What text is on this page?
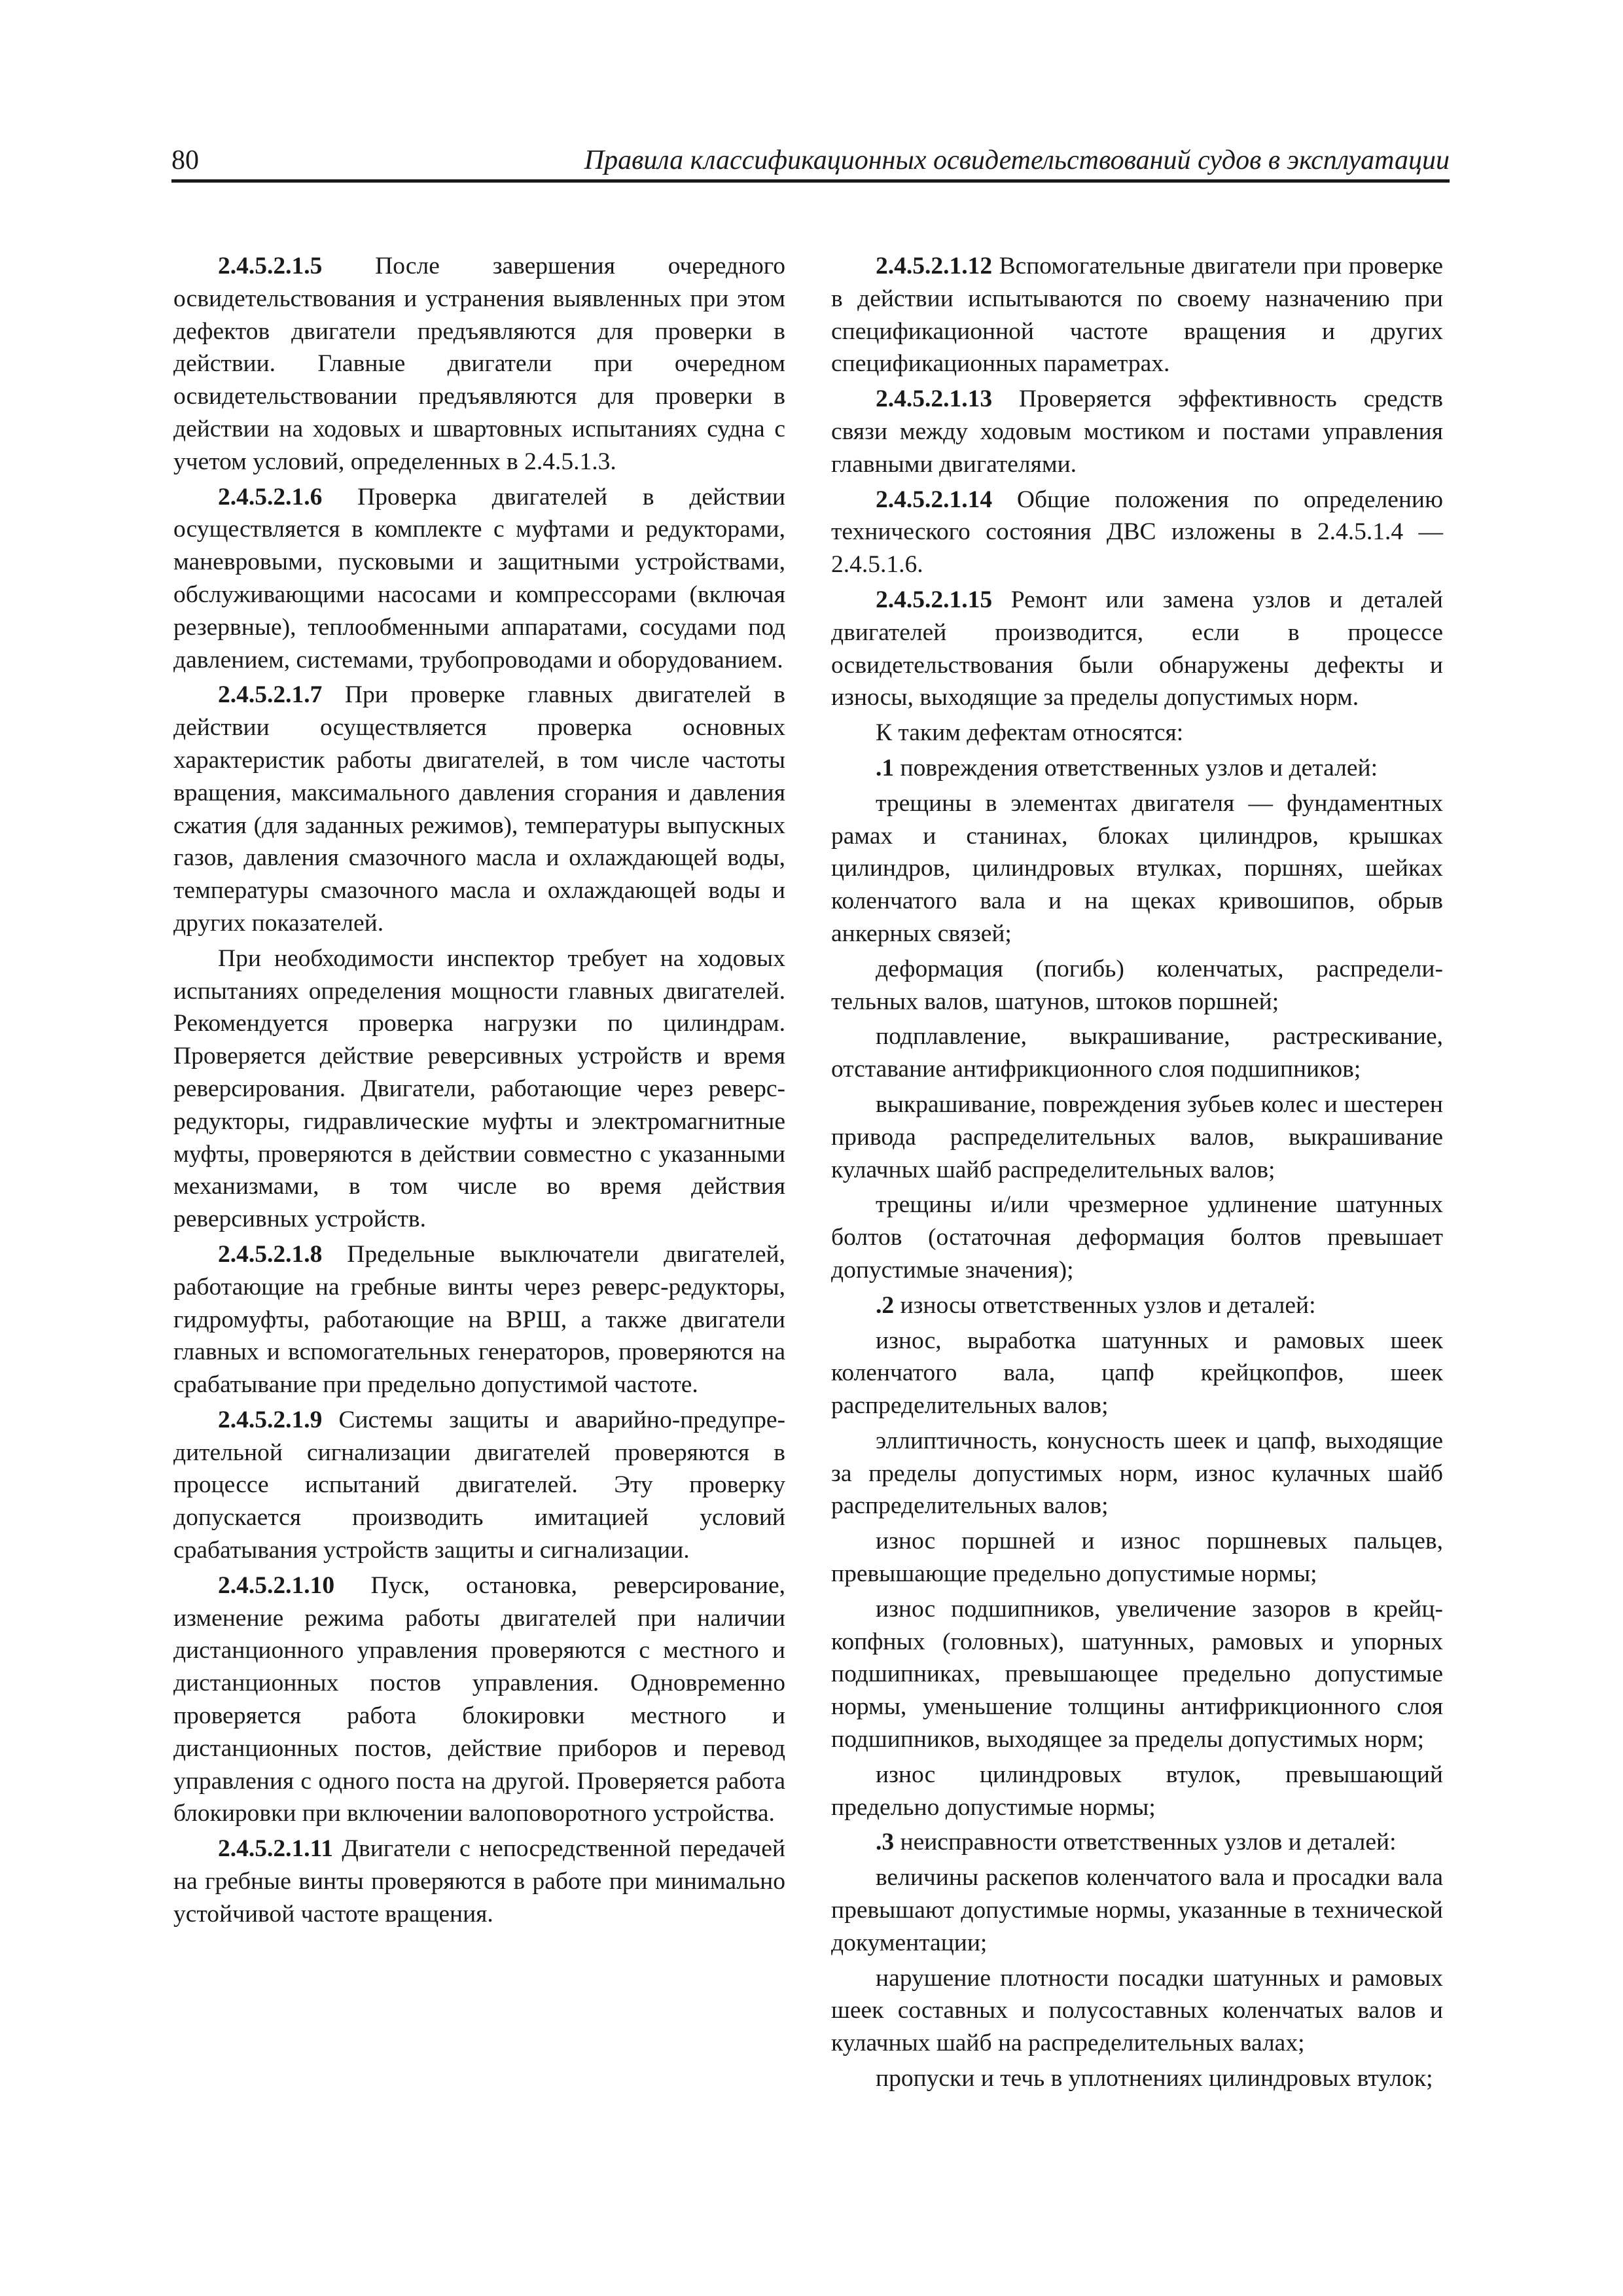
80	Правила классификационных освидетельствований судов в эксплуатации

2.4.5.2.1.5 После завершения очередного освидетельствования и устранения выявленных при этом дефектов двигатели предъявляются для проверки в действии. Главные двигатели при очередном освидетельствовании предъявляются для проверки в действии на ходовых и швартовных испытаниях судна с учетом условий, определенных в 2.4.5.1.3.

2.4.5.2.1.6 Проверка двигателей в действии осуществляется в комплекте с муфтами и редукторами, маневровыми, пусковыми и защитными устройствами, обслуживающими насосами и компрессорами (включая резервные), теплообменными аппаратами, сосудами под давлением, системами, трубопроводами и оборудованием.

2.4.5.2.1.7 При проверке главных двигателей в действии осуществляется проверка основных характеристик работы двигателей, в том числе частоты вращения, максимального давления сгорания и давления сжатия (для заданных режимов), температуры выпускных газов, давления смазочного масла и охлаждающей воды, температуры смазочного масла и охлаждающей воды и других показателей.

При необходимости инспектор требует на ходовых испытаниях определения мощности главных двигателей. Рекомендуется проверка нагрузки по цилиндрам. Проверяется действие реверсивных устройств и время реверсирования. Двигатели, работающие через реверс-редукторы, гидравлические муфты и электромагнитные муфты, проверяются в действии совместно с указанными механизмами, в том числе во время действия реверсивных устройств.

2.4.5.2.1.8 Предельные выключатели двигателей, работающие на гребные винты через реверс-редукторы, гидромуфты, работающие на ВРШ, а также двигатели главных и вспомогательных генераторов, проверяются на срабатывание при предельно допустимой частоте.

2.4.5.2.1.9 Системы защиты и аварийно-предупредительной сигнализации двигателей проверяются в процессе испытаний двигателей. Эту проверку допускается производить имитацией условий срабатывания устройств защиты и сигнализации.

2.4.5.2.1.10 Пуск, остановка, реверсирование, изменение режима работы двигателей при наличии дистанционного управления проверяются с местного и дистанционных постов управления. Одновременно проверяется работа блокировки местного и дистанционных постов, действие приборов и перевод управления с одного поста на другой. Проверяется работа блокировки при включении валоповоротного устройства.

2.4.5.2.1.11 Двигатели с непосредственной передачей на гребные винты проверяются в работе при минимально устойчивой частоте вращения.

2.4.5.2.1.12 Вспомогательные двигатели при проверке в действии испытываются по своему назначению при спецификационной частоте вращения и других спецификационных параметрах.

2.4.5.2.1.13 Проверяется эффективность средств связи между ходовым мостиком и постами управления главными двигателями.

2.4.5.2.1.14 Общие положения по определению технического состояния ДВС изложены в 2.4.5.1.4 — 2.4.5.1.6.

2.4.5.2.1.15 Ремонт или замена узлов и деталей двигателей производится, если в процессе освидетельствования были обнаружены дефекты и износы, выходящие за пределы допустимых норм.

К таким дефектам относятся:

.1 повреждения ответственных узлов и деталей:

трещины в элементах двигателя — фундаментных рамах и станинах, блоках цилиндров, крышках цилиндров, цилиндровых втулках, поршнях, шейках коленчатого вала и на щеках кривошипов, обрыв анкерных связей;

деформация (погибь) коленчатых, распределительных валов, шатунов, штоков поршней;

подплавление, выкрашивание, растрескивание, отставание антифрикционного слоя подшипников;

выкрашивание, повреждения зубьев колес и шестерен привода распределительных валов, выкрашивание кулачных шайб распределительных валов;

трещины и/или чрезмерное удлинение шатунных болтов (остаточная деформация болтов превышает допустимые значения);

.2 износы ответственных узлов и деталей:

износ, выработка шатунных и рамовых шеек коленчатого вала, цапф крейцкопфов, шеек распределительных валов;

эллиптичность, конусность шеек и цапф, выходящие за пределы допустимых норм, износ кулачных шайб распределительных валов;

износ поршней и износ поршневых пальцев, превышающие предельно допустимые нормы;

износ подшипников, увеличение зазоров в крейцкопфных (головных), шатунных, рамовых и упорных подшипниках, превышающее предельно допустимые нормы, уменьшение толщины антифрикционного слоя подшипников, выходящее за пределы допустимых норм;

износ цилиндровых втулок, превышающий предельно допустимые нормы;

.3 неисправности ответственных узлов и деталей:

величины раскепов коленчатого вала и просадки вала превышают допустимые нормы, указанные в технической документации;

нарушение плотности посадки шатунных и рамовых шеек составных и полусоставных коленчатых валов и кулачных шайб на распределительных валах;

пропуски и течь в уплотнениях цилиндровых втулок;
